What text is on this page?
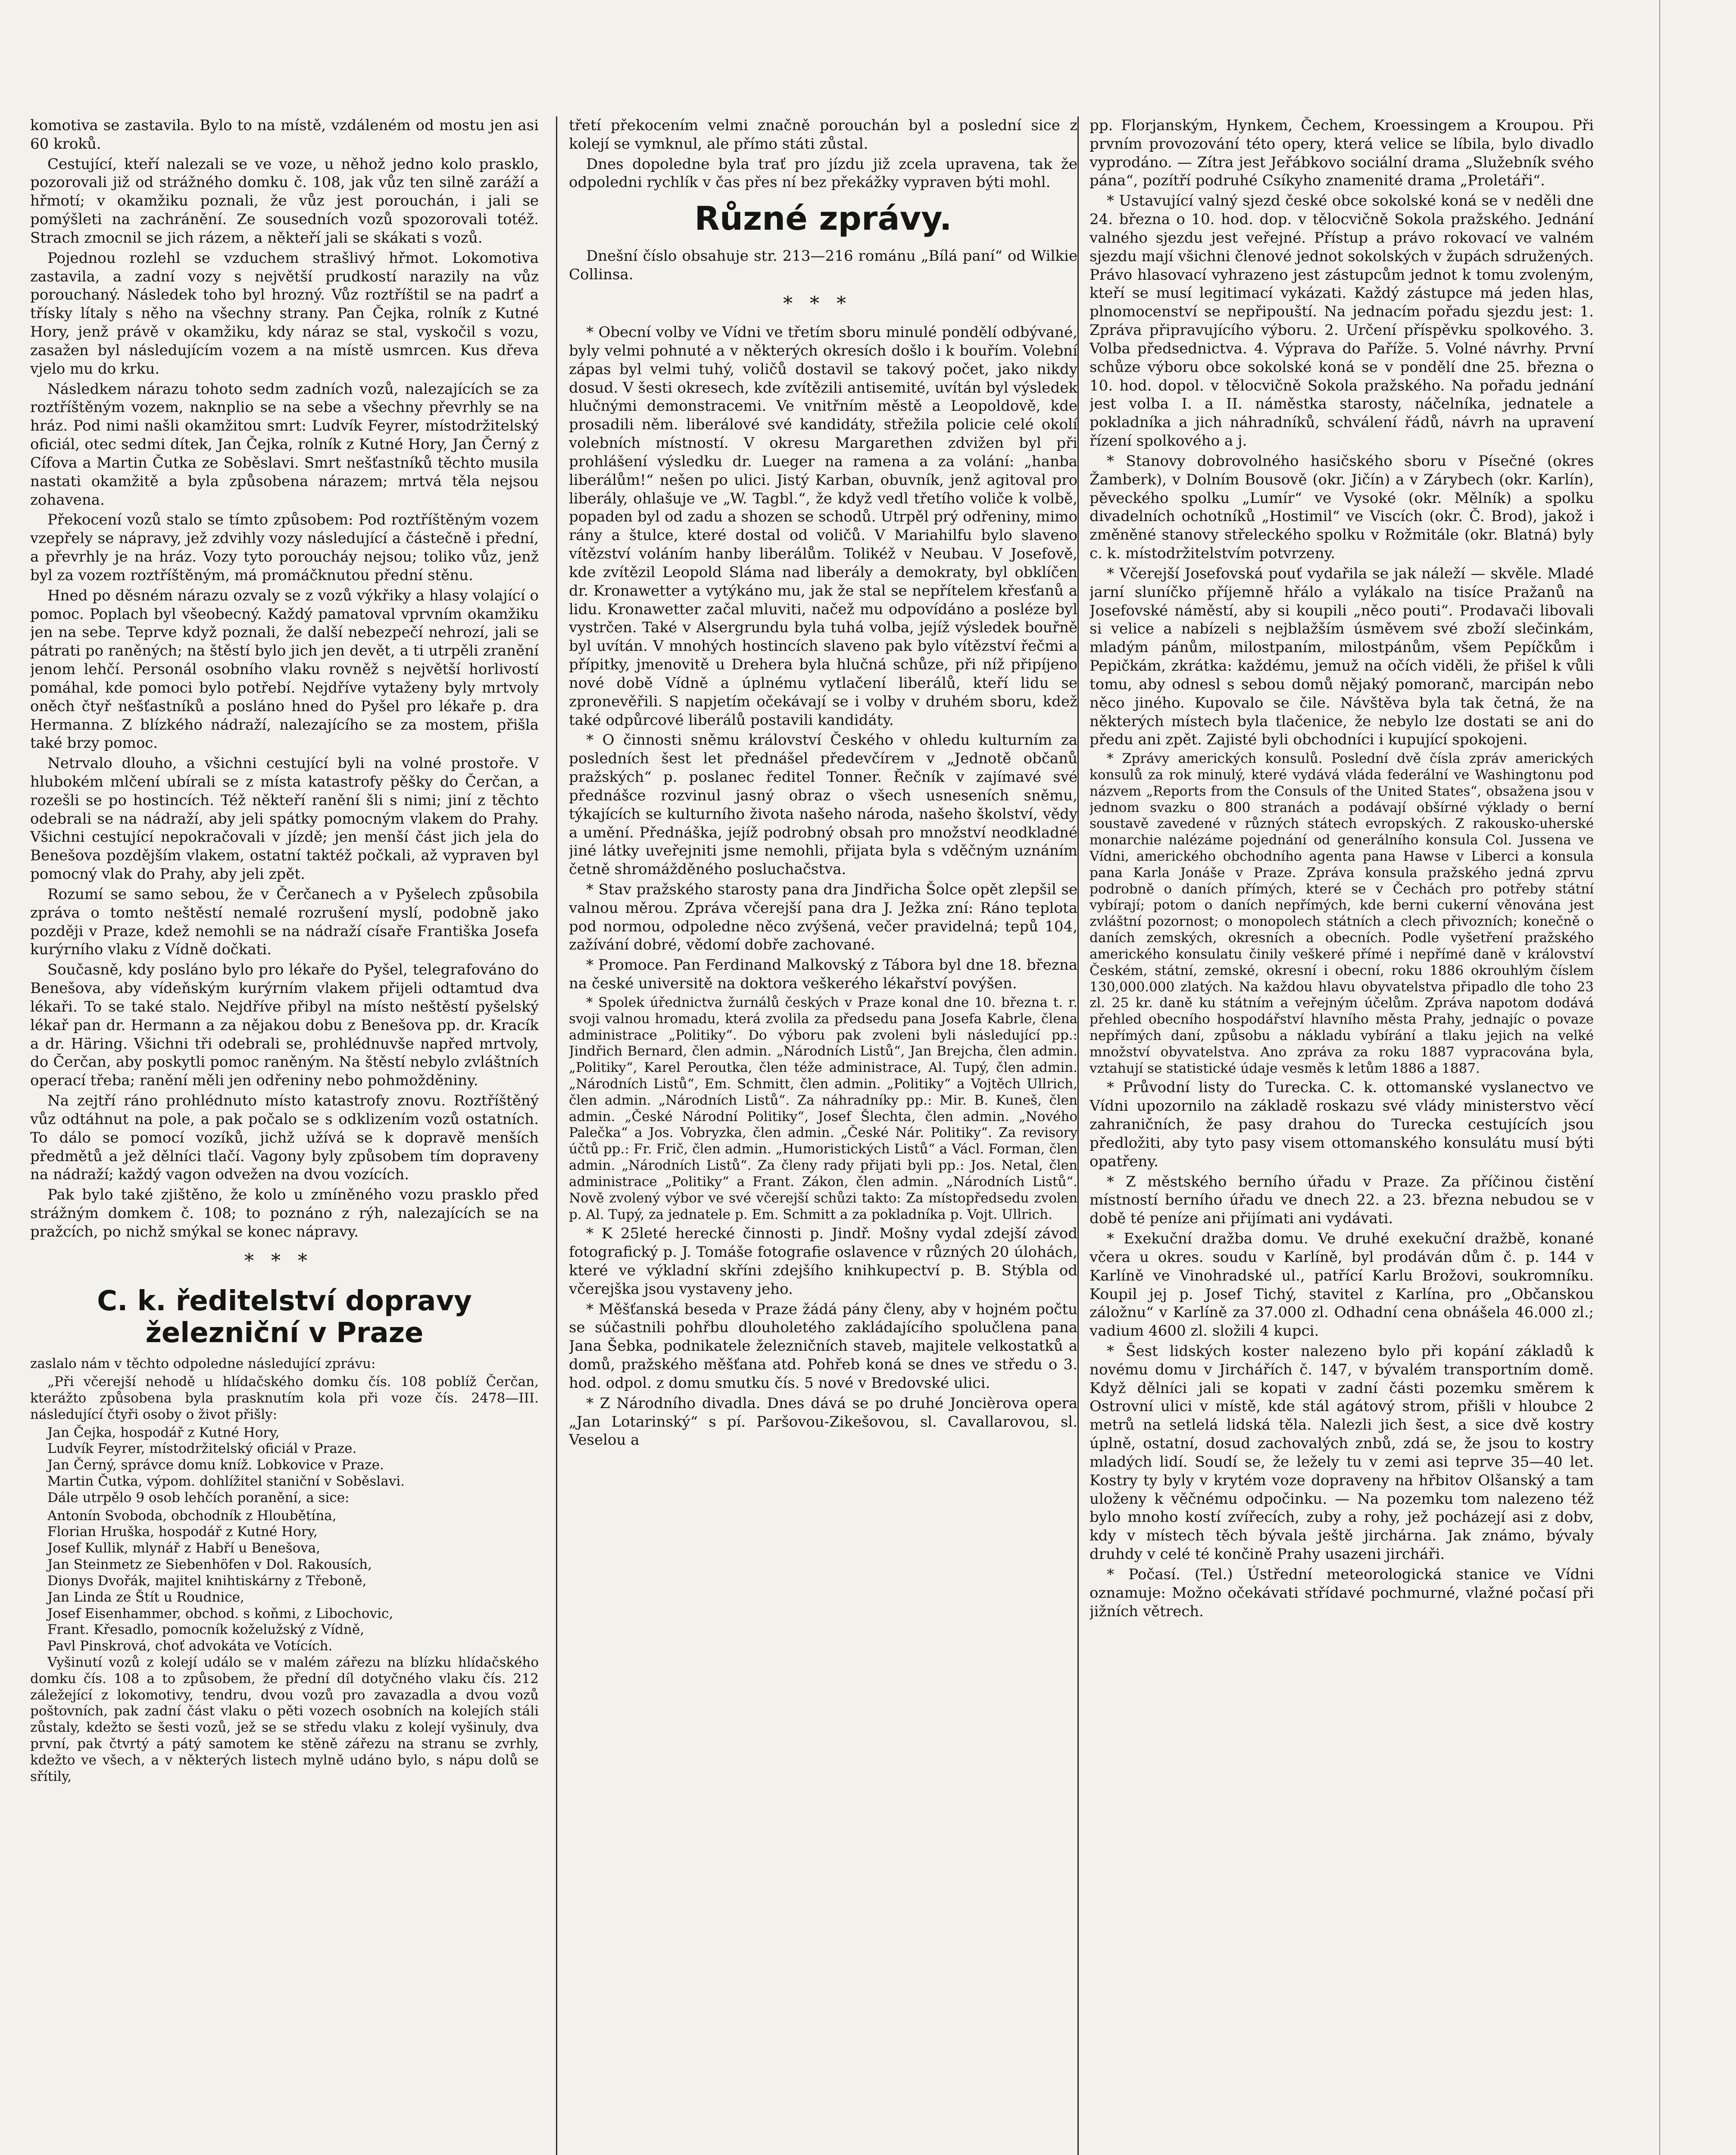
komotiva se zastavila. Bylo to na místě, vzdáleném od mostu jen asi 60 kroků.

Cestující, kteří nalezali se ve voze, u něhož jedno kolo prasklo, pozorovali již od strážného domku č. 108, jak vůz ten silně zaráží a hřmotí; v okamžiku poznali, že vůz jest porouchán, i jali se pomýšleti na zachránění. Ze sousedních vozů spozorovali totéž. Strach zmocnil se jich rázem, a někteří jali se skákati s vozů.

Pojednou rozlehl se vzduchem strašlivý hřmot. Lokomotiva zastavila, a zadní vozy s největší prudkostí narazily na vůz porouchaný. Následek toho byl hrozný. Vůz roztříštil se na padrť a třísky lítaly s něho na všechny strany. Pan Čejka, rolník z Kutné Hory, jenž právě v okamžiku, kdy náraz se stal, vyskočil s vozu, zasažen byl následujícím vozem a na místě usmrcen. Kus dřeva vjelo mu do krku.

Následkem nárazu tohoto sedm zadních vozů, nalezajících se za roztříštěným vozem, naknplio se na sebe a všechny převrhly se na hráz. Pod nimi našli okamžitou smrt: Ludvík Feyrer, místodržitelský oficiál, otec sedmi dítek, Jan Čejka, rolník z Kutné Hory, Jan Černý z Cífova a Martin Čutka ze Soběslavi. Smrt nešťastníků těchto musila nastati okamžitě a byla způsobena nárazem; mrtvá těla nejsou zohavena.

Překocení vozů stalo se tímto způsobem: Pod roztříštěným vozem vzepřely se nápravy, jež zdvihly vozy následující a částečně i přední, a převrhly je na hráz. Vozy tyto poroucháy nejsou; toliko vůz, jenž byl za vozem roztříštěným, má promáčknutou přední stěnu.

Hned po děsném nárazu ozvaly se z vozů výkřiky a hlasy volající o pomoc. Poplach byl všeobecný. Každý pamatoval vprvním okamžiku jen na sebe. Teprve když poznali, že další nebezpečí nehrozí, jali se pátrati po raněných; na štěstí bylo jich jen devět, a ti utrpěli zranění jenom lehčí. Personál osobního vlaku rovněž s největší horlivostí pomáhal, kde pomoci bylo potřebí. Nejdříve vytaženy byly mrtvoly oněch čtyř nešťastníků a posláno hned do Pyšel pro lékaře p. dra Hermanna. Z blízkého nádraží, nalezajícího se za mostem, přišla také brzy pomoc.

Netrvalo dlouho, a všichni cestující byli na volné prostoře. V hlubokém mlčení ubírali se z místa katastrofy pěšky do Čerčan, a rozešli se po hostincích. Též někteří ranění šli s nimi; jiní z těchto odebrali se na nádraží, aby jeli spátky pomocným vlakem do Prahy. Všichni cestující nepokračovali v jízdě; jen menší část jich jela do Benešova pozdějším vlakem, ostatní taktéž počkali, až vypraven byl pomocný vlak do Prahy, aby jeli zpět.

Rozumí se samo sebou, že v Čerčanech a v Pyšelech způsobila zpráva o tomto neštěstí nemalé rozrušení myslí, podobně jako později v Praze, kdež nemohli se na nádraží císaře Františka Josefa kurýrního vlaku z Vídně dočkati.

Současně, kdy posláno bylo pro lékaře do Pyšel, telegrafováno do Benešova, aby vídeňským kurýrním vlakem přijeli odtamtud dva lékaři. To se také stalo. Nejdříve přibyl na místo neštěstí pyšelský lékař pan dr. Hermann a za nějakou dobu z Benešova pp. dr. Kracík a dr. Häring. Všichni tři odebrali se, prohlédnuvše napřed mrtvoly, do Čerčan, aby poskytli pomoc raněným. Na štěstí nebylo zvláštních operací třeba; ranění měli jen odřeniny nebo pohmožděniny.

Na zejtří ráno prohlédnuto místo katastrofy znovu. Roztříštěný vůz odtáhnut na pole, a pak počalo se s odklizením vozů ostatních. To dálo se pomocí vozíků, jichž užívá se k dopravě menších předmětů a jež dělníci tlačí. Vagony byly způsobem tím dopraveny na nádraží; každý vagon odvežen na dvou vozících.

Pak bylo také zjištěno, že kolo u zmíněného vozu prasklo před strážným domkem č. 108; to poznáno z rýh, nalezajících se na pražcích, po nichž smýkal se konec nápravy.

***
C. k. ředitelství dopravy železniční v Praze

zaslalo nám v těchto odpoledne následující zprávu:

„Při včerejší nehodě u hlídačského domku čís. 108 poblíž Čerčan, kterážto způsobena byla prasknutím kola při voze čís. 2478—III. následující čtyři osoby o život přišly:

Jan Čejka, hospodář z Kutné Hory,

Ludvík Feyrer, místodržitelský oficiál v Praze.

Jan Černý, správce domu kníž. Lobkovice v Praze.

Martin Čutka, výpom. dohlížitel staniční v Soběslavi.

Dále utrpělo 9 osob lehčích poranění, a sice:

Antonín Svoboda, obchodník z Hloubětína,

Florian Hruška, hospodář z Kutné Hory,

Josef Kullik, mlynář z Habří u Benešova,

Jan Steinmetz ze Siebenhöfen v Dol. Rakousích,

Dionys Dvořák, majitel knihtiskárny z Třeboně,

Jan Linda ze Štít u Roudnice,

Josef Eisenhammer, obchod. s koňmi, z Libochovic,

Frant. Křesadlo, pomocník koželužský z Vídně,

Pavl Pinskrová, choť advokáta ve Votících.

Vyšinutí vozů z kolejí událo se v malém zářezu na blízku hlídačského domku čís. 108 a to způsobem, že přední díl dotyčného vlaku čís. 212 záležející z lokomotivy, tendru, dvou vozů pro zavazadla a dvou vozů poštovních, pak zadní část vlaku o pěti vozech osobních na kolejích stáli zůstaly, kdežto se šesti vozů, jež se se středu vlaku z kolejí vyšinuly, dva první, pak čtvrtý a pátý samotem ke stěně zářezu na stranu se zvrhly, kdežto ve všech, a v některých listech mylně udáno bylo, s nápu dolů se sřítily,

třetí překocením velmi značně porouchán byl a poslední sice z kolejí se vymknul, ale přímo státi zůstal.

Dnes dopoledne byla trať pro jízdu již zcela upravena, tak že odpoledni rychlík v čas přes ní bez překážky vypraven býti mohl.

Různé zprávy.

Dnešní číslo obsahuje str. 213—216 románu „Bílá paní“ od Wilkie Collinsa.

***

* Obecní volby ve Vídni ve třetím sboru minulé pondělí odbývané, byly velmi pohnuté a v některých okresích došlo i k bouřím. Volební zápas byl velmi tuhý, voličů dostavil se takový počet, jako nikdy dosud. V šesti okresech, kde zvítězili antisemité, uvítán byl výsledek hlučnými demonstracemi. Ve vnitřním městě a Leopoldově, kde prosadili něm. liberálové své kandidáty, střežila policie celé okolí volebních místností. V okresu Margarethen zdvižen byl při prohlášení výsledku dr. Lueger na ramena a za volání: „hanba liberálům!“ nešen po ulici. Jistý Karban, obuvník, jenž agitoval pro liberály, ohlašuje ve „W. Tagbl.“, že když vedl třetího voliče k volbě, popaden byl od zadu a shozen se schodů. Utrpěl prý odřeniny, mimo rány a štulce, které dostal od voličů. V Mariahilfu bylo slaveno vítězství voláním hanby liberálům. Tolikéž v Neubau. V Josefově, kde zvítězil Leopold Sláma nad liberály a demokraty, byl obklíčen dr. Kronawetter a vytýkáno mu, jak že stal se nepřítelem křesťanů a lidu. Kronawetter začal mluviti, načež mu odpovídáno a posléze byl vystrčen. Také v Alsergrundu byla tuhá volba, jejíž výsledek bouřně byl uvítán. V mnohých hostincích slaveno pak bylo vítězství řečmi a přípitky, jmenovitě u Drehera byla hlučná schůze, při níž připíjeno nové době Vídně a úplnému vytlačení liberálů, kteří lidu se zpronevěřili. S napjetím očekávají se i volby v druhém sboru, kdež také odpůrcové liberálů postavili kandidáty.

* O činnosti sněmu království Českého v ohledu kulturním za posledních šest let přednášel předevčírem v „Jednotě občanů pražských“ p. poslanec ředitel Tonner. Řečník v zajímavé své přednášce rozvinul jasný obraz o všech usneseních sněmu, týkajících se kulturního života našeho národa, našeho školství, vědy a umění. Přednáška, jejíž podrobný obsah pro množství neodkladné jiné látky uveřejniti jsme nemohli, přijata byla s vděčným uznáním četně shromážděného posluchačstva.

* Stav pražského starosty pana dra Jindřicha Šolce opět zlepšil se valnou měrou. Zpráva včerejší pana dra J. Ježka zní: Ráno teplota pod normou, odpoledne něco zvýšená, večer pravidelná; tepů 104, zažívání dobré, vědomí dobře zachované.

* Promoce. Pan Ferdinand Malkovský z Tábora byl dne 18. března na české universitě na doktora veškerého lékařství povýšen.

* Spolek úřednictva žurnálů českých v Praze konal dne 10. března t. r. svoji valnou hromadu, která zvolila za předsedu pana Josefa Kabrle, člena administrace „Politiky“. Do výboru pak zvoleni byli následující pp.: Jindřich Bernard, člen admin. „Národních Listů“, Jan Brejcha, člen admin. „Politiky“, Karel Peroutka, člen téže administrace, Al. Tupý, člen admin. „Národních Listů“, Em. Schmitt, člen admin. „Politiky“ a Vojtěch Ullrich, člen admin. „Národních Listů“. Za náhradníky pp.: Mir. B. Kuneš, člen admin. „České Národní Politiky“, Josef Šlechta, člen admin. „Nového Palečka“ a Jos. Vobryzka, člen admin. „České Nár. Politiky“. Za revisory účtů pp.: Fr. Frič, člen admin. „Humoristických Listů“ a Václ. Forman, člen admin. „Národních Listů“. Za členy rady přijati byli pp.: Jos. Netal, člen administrace „Politiky“ a Frant. Zákon, člen admin. „Národních Listů“. Nově zvolený výbor ve své včerejší schůzi takto: Za místopředsedu zvolen p. Al. Tupý, za jednatele p. Em. Schmitt a za pokladníka p. Vojt. Ullrich.

* K 25leté herecké činnosti p. Jindř. Mošny vydal zdejší závod fotografický p. J. Tomáše fotografie oslavence v různých 20 úlohách, které ve výkladní skříni zdejšího knihkupectví p. B. Stýbla od včerejška jsou vystaveny jeho.

* Měšťanská beseda v Praze žádá pány členy, aby v hojném počtu se súčastnili pohřbu dlouholetého zakládajícího spolučlena pana Jana Šebka, podnikatele železničních staveb, majitele velkostatků a domů, pražského měšťana atd. Pohřeb koná se dnes ve středu o 3. hod. odpol. z domu smutku čís. 5 nové v Bredovské ulici.

* Z Národního divadla. Dnes dává se po druhé Joncièrova opera „Jan Lotarinský“ s pí. Paršovou-Zikešovou, sl. Cavallarovou, sl. Veselou a

pp. Florjanským, Hynkem, Čechem, Kroessingem a Kroupou. Při prvním provozování této opery, která velice se líbila, bylo divadlo vyprodáno. — Zítra jest Jeřábkovo sociální drama „Služebník svého pána“, pozítří podruhé Csíkyho znamenité drama „Proletáři“.

* Ustavující valný sjezd české obce sokolské koná se v neděli dne 24. března o 10. hod. dop. v tělocvičně Sokola pražského. Jednání valného sjezdu jest veřejné. Přístup a právo rokovací ve valném sjezdu mají všichni členové jednot sokolských v župách sdružených. Právo hlasovací vyhrazeno jest zástupcům jednot k tomu zvoleným, kteří se musí legitimací vykázati. Každý zástupce má jeden hlas, plnomocenství se nepřipouští. Na jednacím pořadu sjezdu jest: 1. Zpráva připravujícího výboru. 2. Určení příspěvku spolkového. 3. Volba předsednictva. 4. Výprava do Paříže. 5. Volné návrhy. První schůze výboru obce sokolské koná se v pondělí dne 25. března o 10. hod. dopol. v tělocvičně Sokola pražského. Na pořadu jednání jest volba I. a II. náměstka starosty, náčelníka, jednatele a pokladníka a jich náhradníků, schválení řádů, návrh na upravení řízení spolkového a j.

* Stanovy dobrovolného hasičského sboru v Písečné (okres Žamberk), v Dolním Bousově (okr. Jičín) a v Zárybech (okr. Karlín), pěveckého spolku „Lumír“ ve Vysoké (okr. Mělník) a spolku divadelních ochotníků „Hostimil“ ve Viscích (okr. Č. Brod), jakož i změněné stanovy střeleckého spolku v Rožmitále (okr. Blatná) byly c. k. místodržitelstvím potvrzeny.

* Včerejší Josefovská pouť vydařila se jak náleží — skvěle. Mladé jarní sluníčko příjemně hřálo a vylákalo na tisíce Pražanů na Josefovské náměstí, aby si koupili „něco pouti“. Prodavači libovali si velice a nabízeli s nejblažším úsměvem své zboží slečinkám, mladým pánům, milostpaním, milostpánům, všem Pepíčkům i Pepičkám, zkrátka: každému, jemuž na očích viděli, že přišel k vůli tomu, aby odnesl s sebou domů nějaký pomoranč, marcipán nebo něco jiného. Kupovalo se čile. Návštěva byla tak četná, že na některých místech byla tlačenice, že nebylo lze dostati se ani do předu ani zpět. Zajisté byli obchodníci i kupující spokojeni.

* Zprávy amerických konsulů. Poslední dvě čísla zpráv amerických konsulů za rok minulý, které vydává vláda federální ve Washingtonu pod názvem „Reports from the Consuls of the United States“, obsažena jsou v jednom svazku o 800 stranách a podávají obšírné výklady o berní soustavě zavedené v různých státech evropských. Z rakousko-uherské monarchie nalézáme pojednání od generálního konsula Col. Jussena ve Vídni, amerického obchodního agenta pana Hawse v Liberci a konsula pana Karla Jonáše v Praze. Zpráva konsula pražského jedná zprvu podrobně o daních přímých, které se v Čechách pro potřeby státní vybírají; potom o daních nepřímých, kde berni cukerní věnována jest zvláštní pozornost; o monopolech státních a clech přivozních; konečně o daních zemských, okresních a obecních. Podle vyšetření pražského amerického konsulatu činily veškeré přímé i nepřímé daně v království Českém, státní, zemské, okresní i obecní, roku 1886 okrouhlým číslem 130,000.000 zlatých. Na každou hlavu obyvatelstva připadlo dle toho 23 zl. 25 kr. daně ku státním a veřejným účelům. Zpráva napotom dodává přehled obecního hospodářství hlavního města Prahy, jednajíc o povaze nepřímých daní, způsobu a nákladu vybírání a tlaku jejich na velké množství obyvatelstva. Ano zpráva za roku 1887 vypracována byla, vztahují se statistické údaje vesměs k letům 1886 a 1887.

* Průvodní listy do Turecka. C. k. ottomanské vyslanectvo ve Vídni upozornilo na základě roskazu své vlády ministerstvo věcí zahraničních, že pasy drahou do Turecka cestujících jsou předložiti, aby tyto pasy visem ottomanského konsulátu musí býti opatřeny.

* Z městského berního úřadu v Praze. Za příčinou čistění místností berního úřadu ve dnech 22. a 23. března nebudou se v době té peníze ani přijímati ani vydávati.

* Exekuční dražba domu. Ve druhé exekuční dražbě, konané včera u okres. soudu v Karlíně, byl prodáván dům č. p. 144 v Karlíně ve Vinohradské ul., patřící Karlu Brožovi, soukromníku. Koupil jej p. Josef Tichý, stavitel z Karlína, pro „Občanskou záložnu“ v Karlíně za 37.000 zl. Odhadní cena obnášela 46.000 zl.; vadium 4600 zl. složili 4 kupci.

* Šest lidských koster nalezeno bylo při kopání základů k novému domu v Jirchářích č. 147, v bývalém transportním domě. Když dělníci jali se kopati v zadní části pozemku směrem k Ostrovní ulici v místě, kde stál agátový strom, přišli v hloubce 2 metrů na setlelá lidská těla. Nalezli jich šest, a sice dvě kostry úplně, ostatní, dosud zachovalých znbů, zdá se, že jsou to kostry mladých lidí. Soudí se, že ležely tu v zemi asi teprve 35—40 let. Kostry ty byly v krytém voze dopraveny na hřbitov Olšanský a tam uloženy k věčnému odpočinku. — Na pozemku tom nalezeno též bylo mnoho kostí zvířecích, zuby a rohy, jež pocházejí asi z dobv, kdy v místech těch bývala ještě jirchárna. Jak známo, bývaly druhdy v celé té končině Prahy usazeni jircháři.

* Počasí. (Tel.) Ústřední meteorologická stanice ve Vídni oznamuje: Možno očekávati střídavé pochmurné, vlažné počasí při jižních větrech.
